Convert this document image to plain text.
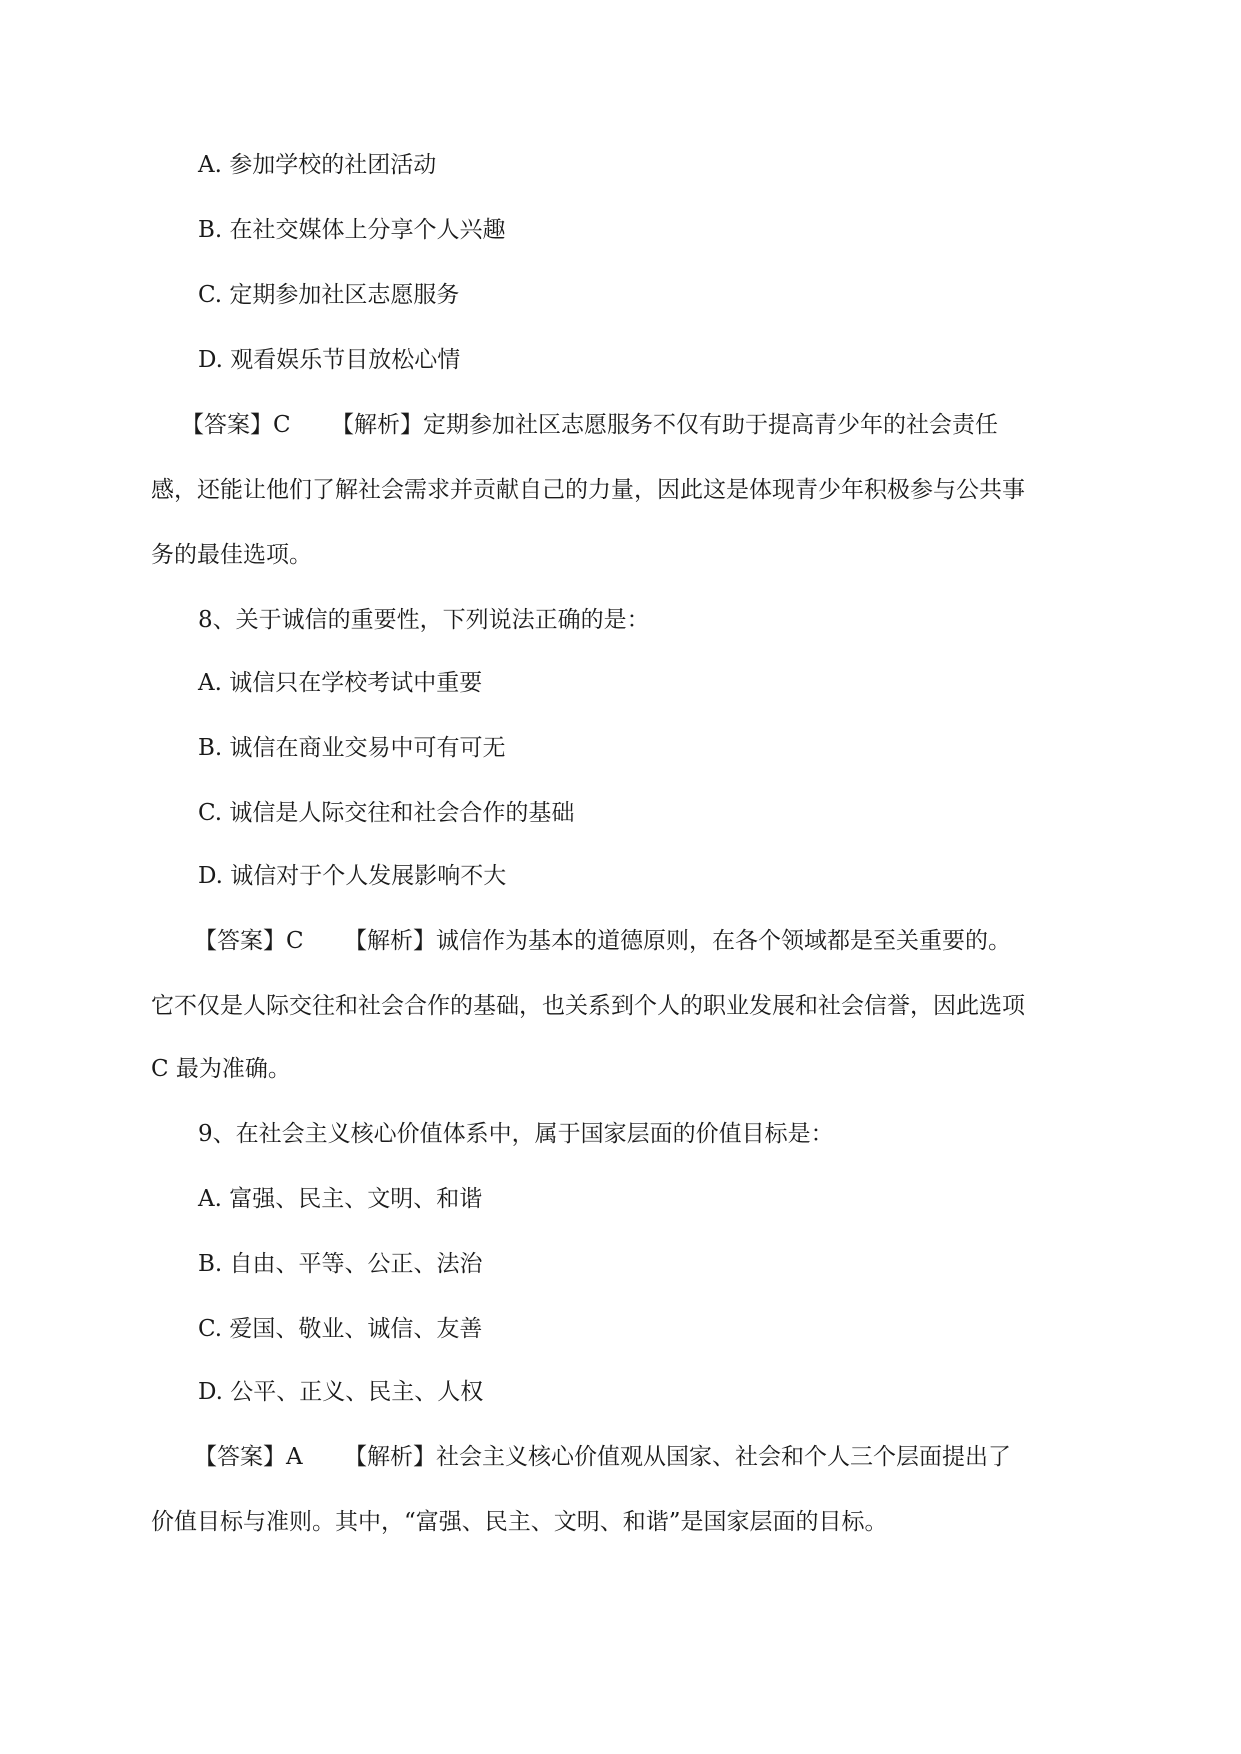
A. 参加学校的社团活动
B. 在社交媒体上分享个人兴趣
C. 定期参加社区志愿服务
D. 观看娱乐节目放松心情
【答案】C 【解析】定期参加社区志愿服务不仅有助于提高青少年的社会责任
感，还能让他们了解社会需求并贡献自己的力量，因此这是体现青少年积极参与公共事
务的最佳选项。
8、关于诚信的重要性，下列说法正确的是：
A. 诚信只在学校考试中重要
B. 诚信在商业交易中可有可无
C. 诚信是人际交往和社会合作的基础
D. 诚信对于个人发展影响不大
【答案】C 【解析】诚信作为基本的道德原则，在各个领域都是至关重要的。
它不仅是人际交往和社会合作的基础，也关系到个人的职业发展和社会信誉，因此选项
C 最为准确。
9、在社会主义核心价值体系中，属于国家层面的价值目标是：
A. 富强、民主、文明、和谐
B. 自由、平等、公正、法治
C. 爱国、敬业、诚信、友善
D. 公平、正义、民主、人权
【答案】A 【解析】社会主义核心价值观从国家、社会和个人三个层面提出了
价值目标与准则。其中，“富强、民主、文明、和谐”是国家层面的目标。
